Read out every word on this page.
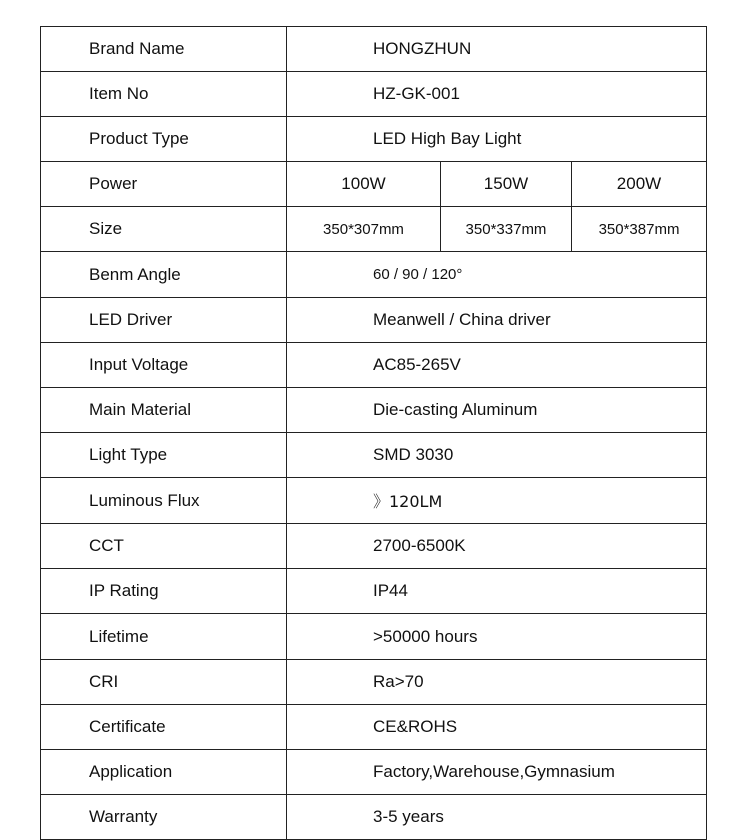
Brand Name	HONGZHUN		
Item No	HZ-GK-001		
Product Type	LED High Bay Light		
Power	100W	150W	200W
Size	350*307mm	350*337mm	350*387mm
Benm Angle	60 / 90 / 120°		
LED Driver	Meanwell / China driver		
Input Voltage	AC85-265V		
Main Material	Die-casting Aluminum		
Light Type	SMD 3030		
Luminous Flux	》120LM		
CCT	2700-6500K		
IP Rating	IP44		
Lifetime	>50000 hours		
CRI	Ra>70		
Certificate	CE&ROHS		
Application	Factory,Warehouse,Gymnasium		
Warranty	3-5 years		
